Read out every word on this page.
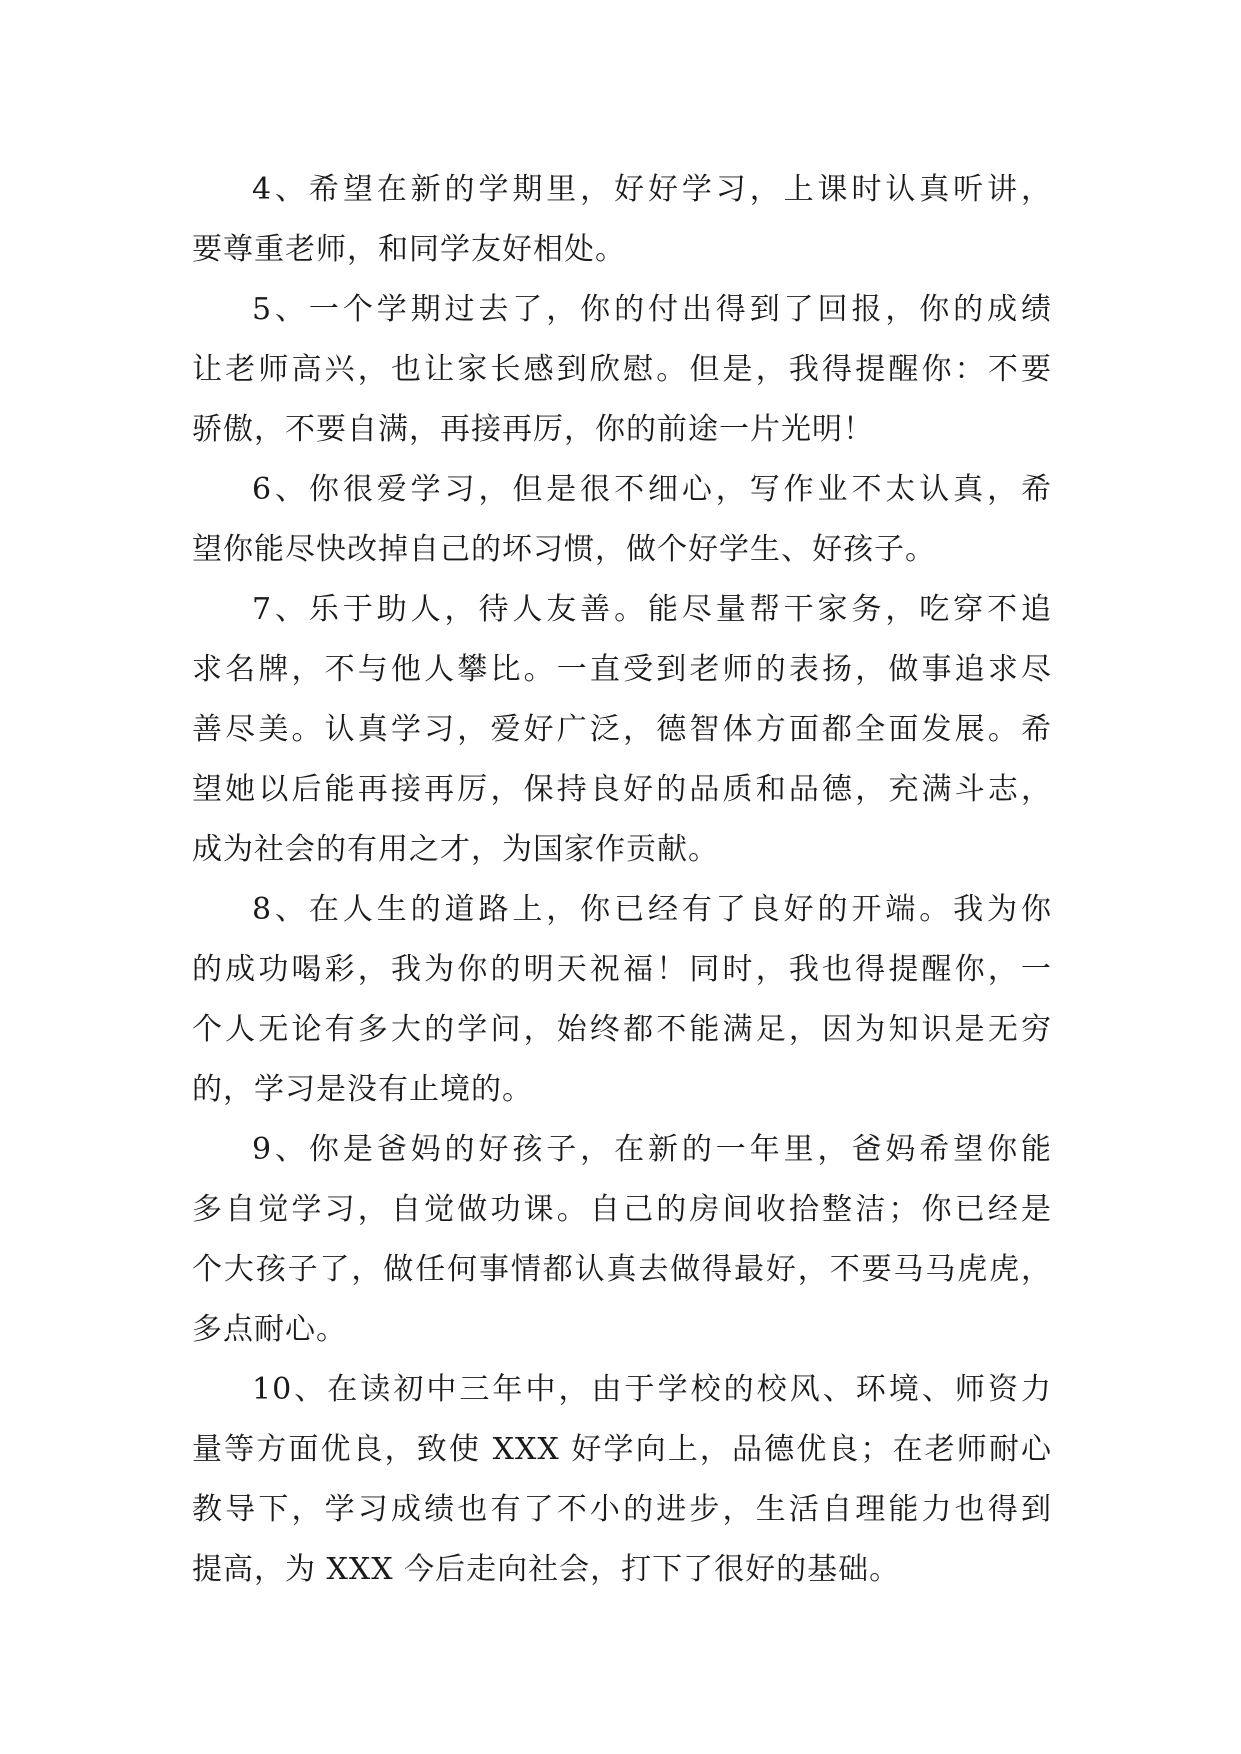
4、希望在新的学期里，好好学习，上课时认真听讲，
要尊重老师，和同学友好相处。

5、一个学期过去了，你的付出得到了回报，你的成绩
让老师高兴，也让家长感到欣慰。但是，我得提醒你：不要
骄傲，不要自满，再接再厉，你的前途一片光明！

6、你很爱学习，但是很不细心，写作业不太认真，希
望你能尽快改掉自己的坏习惯，做个好学生、好孩子。

7、乐于助人，待人友善。能尽量帮干家务，吃穿不追
求名牌，不与他人攀比。一直受到老师的表扬，做事追求尽
善尽美。认真学习，爱好广泛，德智体方面都全面发展。希
望她以后能再接再厉，保持良好的品质和品德，充满斗志，
成为社会的有用之才，为国家作贡献。

8、在人生的道路上，你已经有了良好的开端。我为你
的成功喝彩，我为你的明天祝福！同时，我也得提醒你，一
个人无论有多大的学问，始终都不能满足，因为知识是无穷
的，学习是没有止境的。

9、你是爸妈的好孩子，在新的一年里，爸妈希望你能
多自觉学习，自觉做功课。自己的房间收拾整洁；你已经是
个大孩子了，做任何事情都认真去做得最好，不要马马虎虎，
多点耐心。

10、在读初中三年中，由于学校的校风、环境、师资力
量等方面优良，致使 XXX 好学向上，品德优良；在老师耐心
教导下，学习成绩也有了不小的进步，生活自理能力也得到
提高，为 XXX 今后走向社会，打下了很好的基础。
